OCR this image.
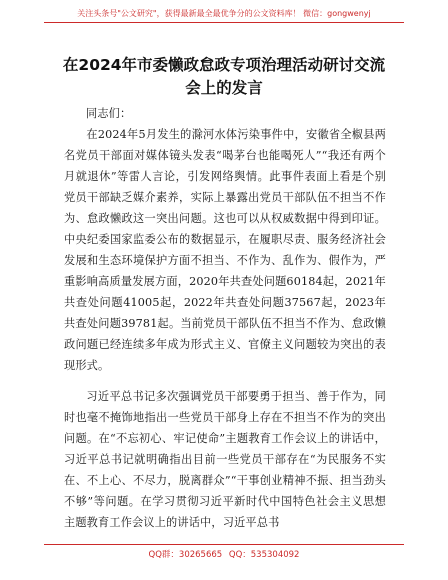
关注头条号"公文研究"，获得最新最全最优争分的公文资料库！ 微信：gongwenyj
在2024年市委懒政怠政专项治理活动研讨交流会上的发言

同志们：

在2024年5月发生的滁河水体污染事件中，安徽省全椒县两名党员干部面对媒体镜头发表“喝茅台也能喝死人”“我还有两个月就退休”等雷人言论，引发网络舆情。此事件表面上看是个别党员干部缺乏媒介素养，实际上暴露出党员干部队伍不担当不作为、怠政懒政这一突出问题。这也可以从权威数据中得到印证。中央纪委国家监委公布的数据显示，在履职尽责、服务经济社会发展和生态环境保护方面不担当、不作为、乱作为、假作为，严重影响高质量发展方面，2020年共查处问题60184起，2021年共查处问题41005起，2022年共查处问题37567起，2023年共查处问题39781起。当前党员干部队伍不担当不作为、怠政懒政问题已经连续多年成为形式主义、官僚主义问题较为突出的表现形式。

习近平总书记多次强调党员干部要勇于担当、善于作为，同时也毫不掩饰地指出一些党员干部身上存在不担当不作为的突出问题。在“不忘初心、牢记使命”主题教育工作会议上的讲话中，习近平总书记就明确指出目前一些党员干部存在“为民服务不实在、不上心、不尽力，脱离群众”“干事创业精神不振、担当劲头不够”等问题。在学习贯彻习近平新时代中国特色社会主义思想主题教育工作会议上的讲话中，习近平总书

QQ群：30265665 QQ：535304092
